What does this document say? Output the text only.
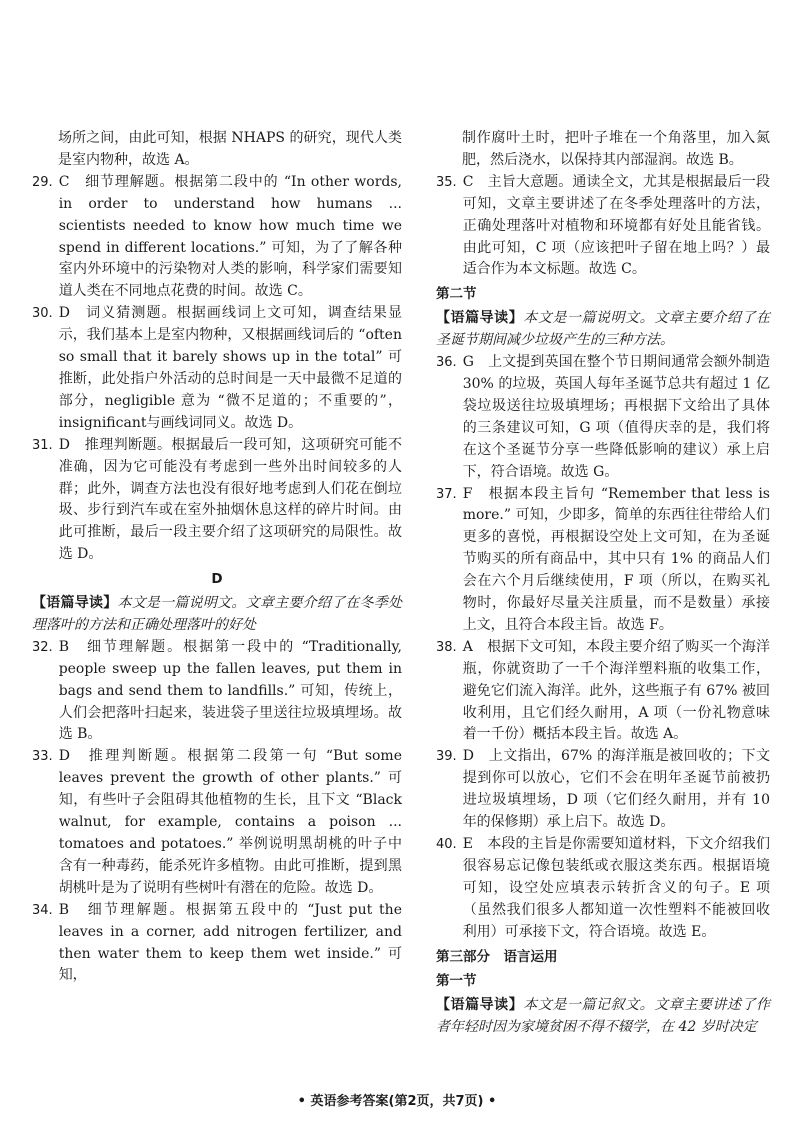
场所之间，由此可知，根据 NHAPS 的研究，现代人类是室内物种，故选 A。

29. C　细节理解题。根据第二段中的 “In other words, in order to understand how humans ... scientists needed to know how much time we spend in different locations.” 可知，为了了解各种室内外环境中的污染物对人类的影响，科学家们需要知道人类在不同地点花费的时间。故选 C。
30. D　词义猜测题。根据画线词上文可知，调查结果显示，我们基本上是室内物种，又根据画线词后的 “often so small that it barely shows up in the total” 可推断，此处指户外活动的总时间是一天中最微不足道的部分，negligible 意为 “微不足道的；不重要的”，insignificant与画线词同义。故选 D。
31. D　推理判断题。根据最后一段可知，这项研究可能不准确，因为它可能没有考虑到一些外出时间较多的人群；此外，调查方法也没有很好地考虑到人们花在倒垃圾、步行到汽车或在室外抽烟休息这样的碎片时间。由此可推断，最后一段主要介绍了这项研究的局限性。故选 D。
D

【语篇导读】本文是一篇说明文。文章主要介绍了在冬季处理落叶的方法和正确处理落叶的好处

32. B　细节理解题。根据第一段中的 “Traditionally, people sweep up the fallen leaves, put them in bags and send them to landfills.” 可知，传统上，人们会把落叶扫起来，装进袋子里送往垃圾填埋场。故选 B。
33. D　推理判断题。根据第二段第一句 “But some leaves prevent the growth of other plants.” 可知，有些叶子会阻碍其他植物的生长，且下文 “Black walnut, for example, contains a poison ... tomatoes and potatoes.” 举例说明黑胡桃的叶子中含有一种毒药，能杀死许多植物。由此可推断，提到黑胡桃叶是为了说明有些树叶有潜在的危险。故选 D。
34. B　细节理解题。根据第五段中的 “Just put the leaves in a corner, add nitrogen fertilizer, and then water them to keep them wet inside.” 可知，

制作腐叶土时，把叶子堆在一个角落里，加入氮肥，然后浇水，以保持其内部湿润。故选 B。

35. C　主旨大意题。通读全文，尤其是根据最后一段可知，文章主要讲述了在冬季处理落叶的方法，正确处理落叶对植物和环境都有好处且能省钱。由此可知，C 项（应该把叶子留在地上吗？）最适合作为本文标题。故选 C。
第二节

【语篇导读】本文是一篇说明文。文章主要介绍了在圣诞节期间减少垃圾产生的三种方法。

36. G　上文提到英国在整个节日期间通常会额外制造 30% 的垃圾，英国人每年圣诞节总共有超过 1 亿袋垃圾送往垃圾填埋场；再根据下文给出了具体的三条建议可知，G 项（值得庆幸的是，我们将在这个圣诞节分享一些降低影响的建议）承上启下，符合语境。故选 G。
37. F　根据本段主旨句 “Remember that less is more.” 可知，少即多，简单的东西往往带给人们更多的喜悦，再根据设空处上文可知，在为圣诞节购买的所有商品中，其中只有 1% 的商品人们会在六个月后继续使用，F 项（所以，在购买礼物时，你最好尽量关注质量，而不是数量）承接上文，且符合本段主旨。故选 F。
38. A　根据下文可知，本段主要介绍了购买一个海洋瓶，你就资助了一千个海洋塑料瓶的收集工作，避免它们流入海洋。此外，这些瓶子有 67% 被回收利用，且它们经久耐用，A 项（一份礼物意味着一千份）概括本段主旨。故选 A。
39. D　上文指出，67% 的海洋瓶是被回收的；下文提到你可以放心，它们不会在明年圣诞节前被扔进垃圾填埋场，D 项（它们经久耐用，并有 10 年的保修期）承上启下。故选 D。
40. E　本段的主旨是你需要知道材料，下文介绍我们很容易忘记像包装纸或衣服这类东西。根据语境可知，设空处应填表示转折含义的句子。E 项（虽然我们很多人都知道一次性塑料不能被回收利用）可承接下文，符合语境。故选 E。
第三部分　语言运用
第一节

【语篇导读】本文是一篇记叙文。文章主要讲述了作者年轻时因为家境贫困不得不辍学，在 42 岁时决定

• 英语参考答案(第2页，共7页) •
